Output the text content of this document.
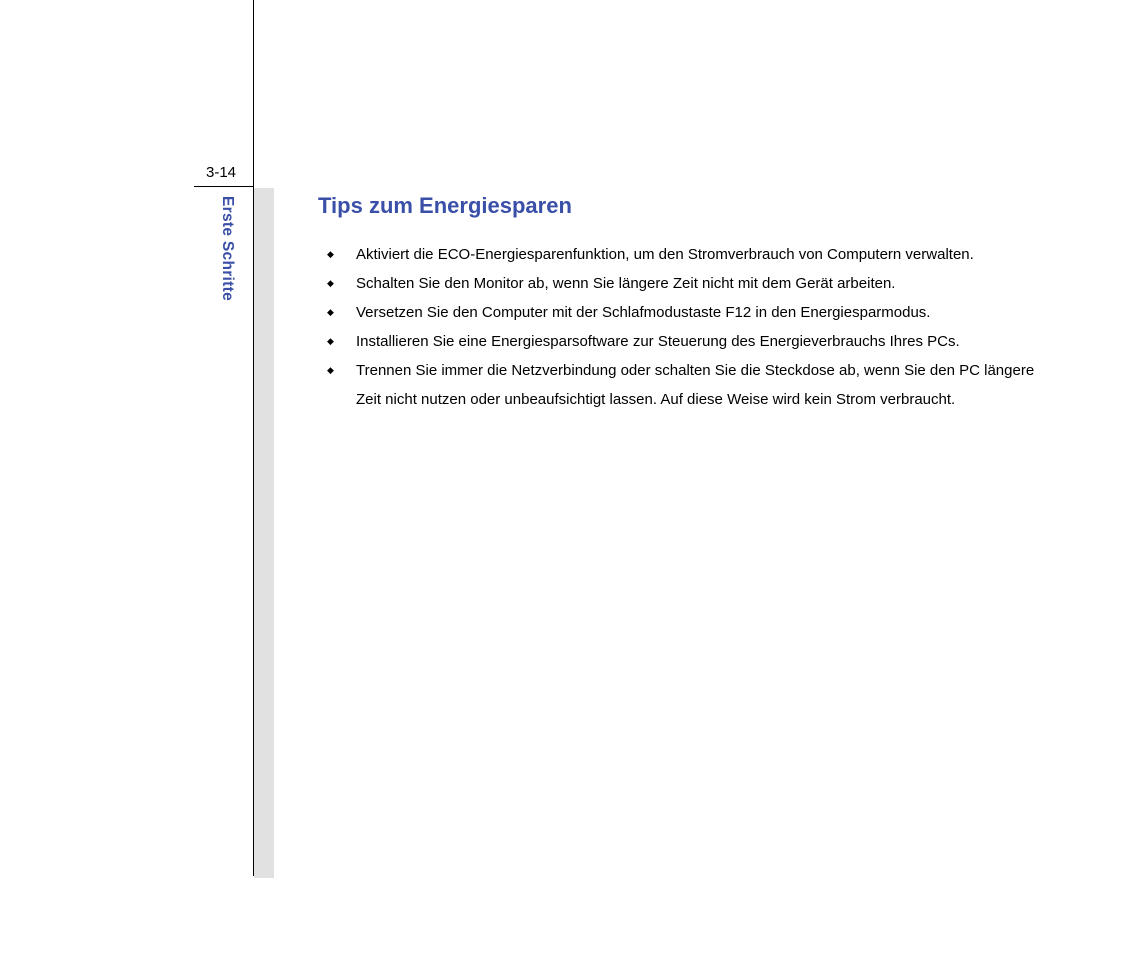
3-14
Erste Schritte	Tips zum Energiesparen
◆ Aktiviert die ECO-Energiesparenfunktion, um den Stromverbrauch von Computern verwalten.
◆ Schalten Sie den Monitor ab, wenn Sie längere Zeit nicht mit dem Gerät arbeiten.
◆ Versetzen Sie den Computer mit der Schlafmodustaste F12 in den Energiesparmodus.
◆ Installieren Sie eine Energiesparsoftware zur Steuerung des Energieverbrauchs Ihres PCs.
◆ Trennen Sie immer die Netzverbindung oder schalten Sie die Steckdose ab, wenn Sie den PC längere Zeit nicht nutzen oder unbeaufsichtigt lassen. Auf diese Weise wird kein Strom verbraucht.
